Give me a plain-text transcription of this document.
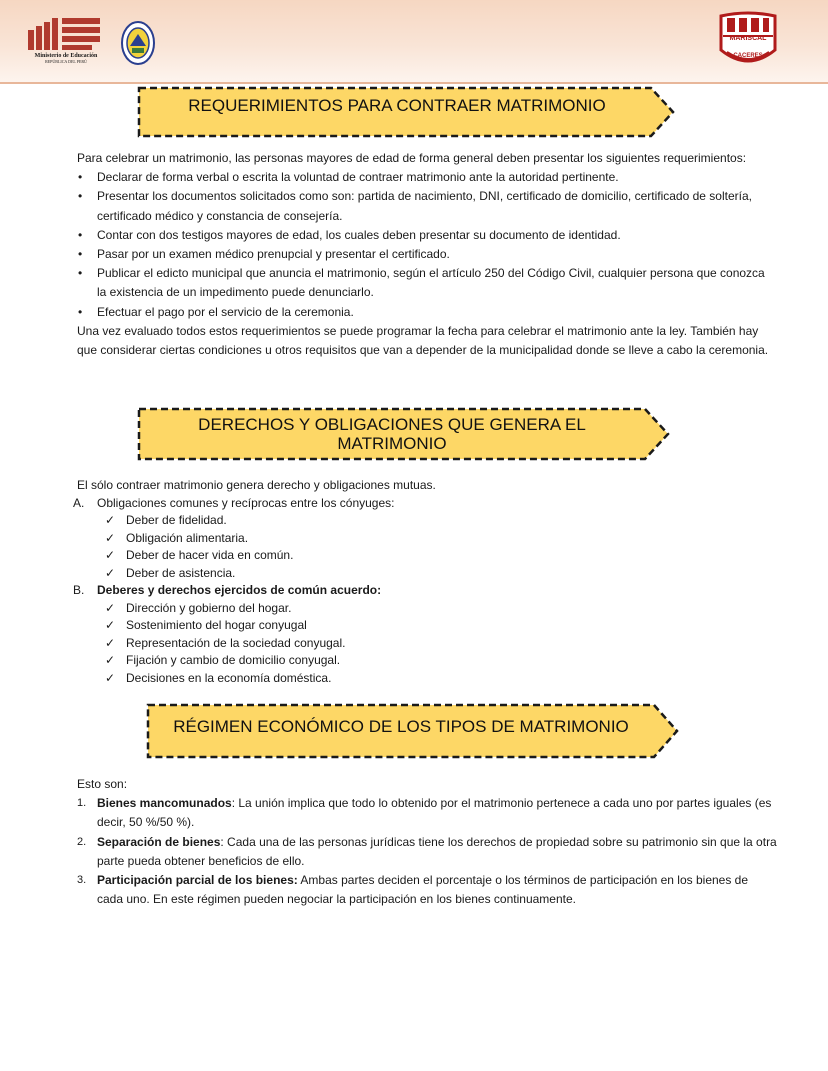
Ministerio de Educación
REPÚBLICA DEL PERÚ
MARISCAL
CACERES
REQUERIMIENTOS PARA CONTRAER MATRIMONIO

Para celebrar un matrimonio, las personas mayores de edad de forma general deben presentar los siguientes requerimientos:

• Declarar de forma verbal o escrita la voluntad de contraer matrimonio ante la autoridad pertinente.
• Presentar los documentos solicitados como son: partida de nacimiento, DNI, certificado de domicilio, certificado de soltería, certificado médico y constancia de consejería.
• Contar con dos testigos mayores de edad, los cuales deben presentar su documento de identidad.
• Pasar por un examen médico prenupcial y presentar el certificado.
• Publicar el edicto municipal que anuncia el matrimonio, según el artículo 250 del Código Civil, cualquier persona que conozca la existencia de un impedimento puede denunciarlo.
• Efectuar el pago por el servicio de la ceremonia.

Una vez evaluado todos estos requerimientos se puede programar la fecha para celebrar el matrimonio ante la ley. También hay que considerar ciertas condiciones u otros requisitos que van a depender de la municipalidad donde se lleve a cabo la ceremonia.

DERECHOS Y OBLIGACIONES QUE GENERA EL
MATRIMONIO

El sólo contraer matrimonio genera derecho y obligaciones mutuas.

A. Obligaciones comunes y recíprocas entre los cónyuges:
✓ Deber de fidelidad.
✓ Obligación alimentaria.
✓ Deber de hacer vida en común.
✓ Deber de asistencia.
B. Deberes y derechos ejercidos de común acuerdo:
✓ Dirección y gobierno del hogar.
✓ Sostenimiento del hogar conyugal
✓ Representación de la sociedad conyugal.
✓ Fijación y cambio de domicilio conyugal.
✓ Decisiones en la economía doméstica.
RÉGIMEN ECONÓMICO DE LOS TIPOS DE MATRIMONIO

Esto son:

1. Bienes mancomunados: La unión implica que todo lo obtenido por el matrimonio pertenece a cada uno por partes iguales (es decir, 50 %/50 %).
2. Separación de bienes: Cada una de las personas jurídicas tiene los derechos de propiedad sobre su patrimonio sin que la otra parte pueda obtener beneficios de ello.
3. Participación parcial de los bienes: Ambas partes deciden el porcentaje o los términos de participación en los bienes de cada uno. En este régimen pueden negociar la participación en los bienes continuamente.
